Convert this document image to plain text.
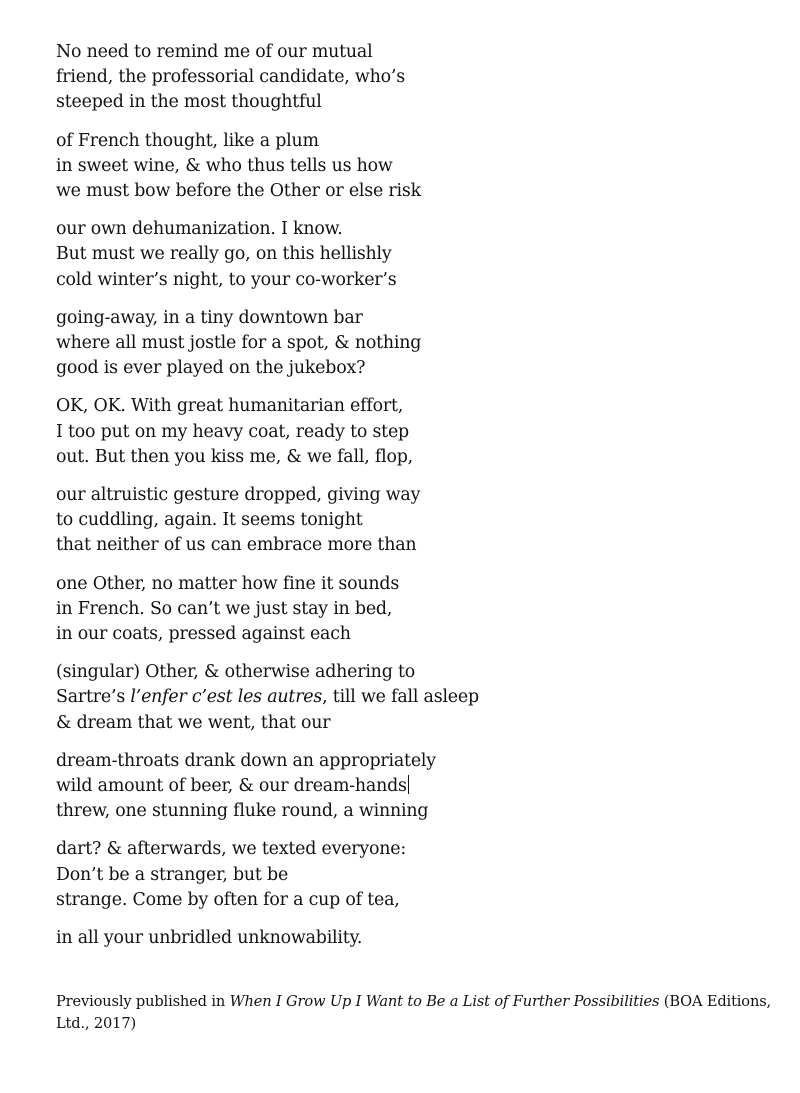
No need to remind me of our mutual
friend, the professorial candidate, who’s
steeped in the most thoughtful
of French thought, like a plum
in sweet wine, & who thus tells us how
we must bow before the Other or else risk
our own dehumanization. I know.
But must we really go, on this hellishly
cold winter’s night, to your co-worker’s
going-away, in a tiny downtown bar
where all must jostle for a spot, & nothing
good is ever played on the jukebox?
OK, OK. With great humanitarian effort,
I too put on my heavy coat, ready to step
out. But then you kiss me, & we fall, flop,
our altruistic gesture dropped, giving way
to cuddling, again. It seems tonight
that neither of us can embrace more than
one Other, no matter how fine it sounds
in French. So can’t we just stay in bed,
in our coats, pressed against each
(singular) Other, & otherwise adhering to
Sartre’s l’enfer c’est les autres, till we fall asleep
& dream that we went, that our
dream-throats drank down an appropriately
wild amount of beer, & our dream-hands
threw, one stunning fluke round, a winning
dart? & afterwards, we texted everyone:
Don’t be a stranger, but be
strange. Come by often for a cup of tea,
in all your unbridled unknowability.
Previously published in When I Grow Up I Want to Be a List of Further Possibilities (BOA Editions, Ltd., 2017)
